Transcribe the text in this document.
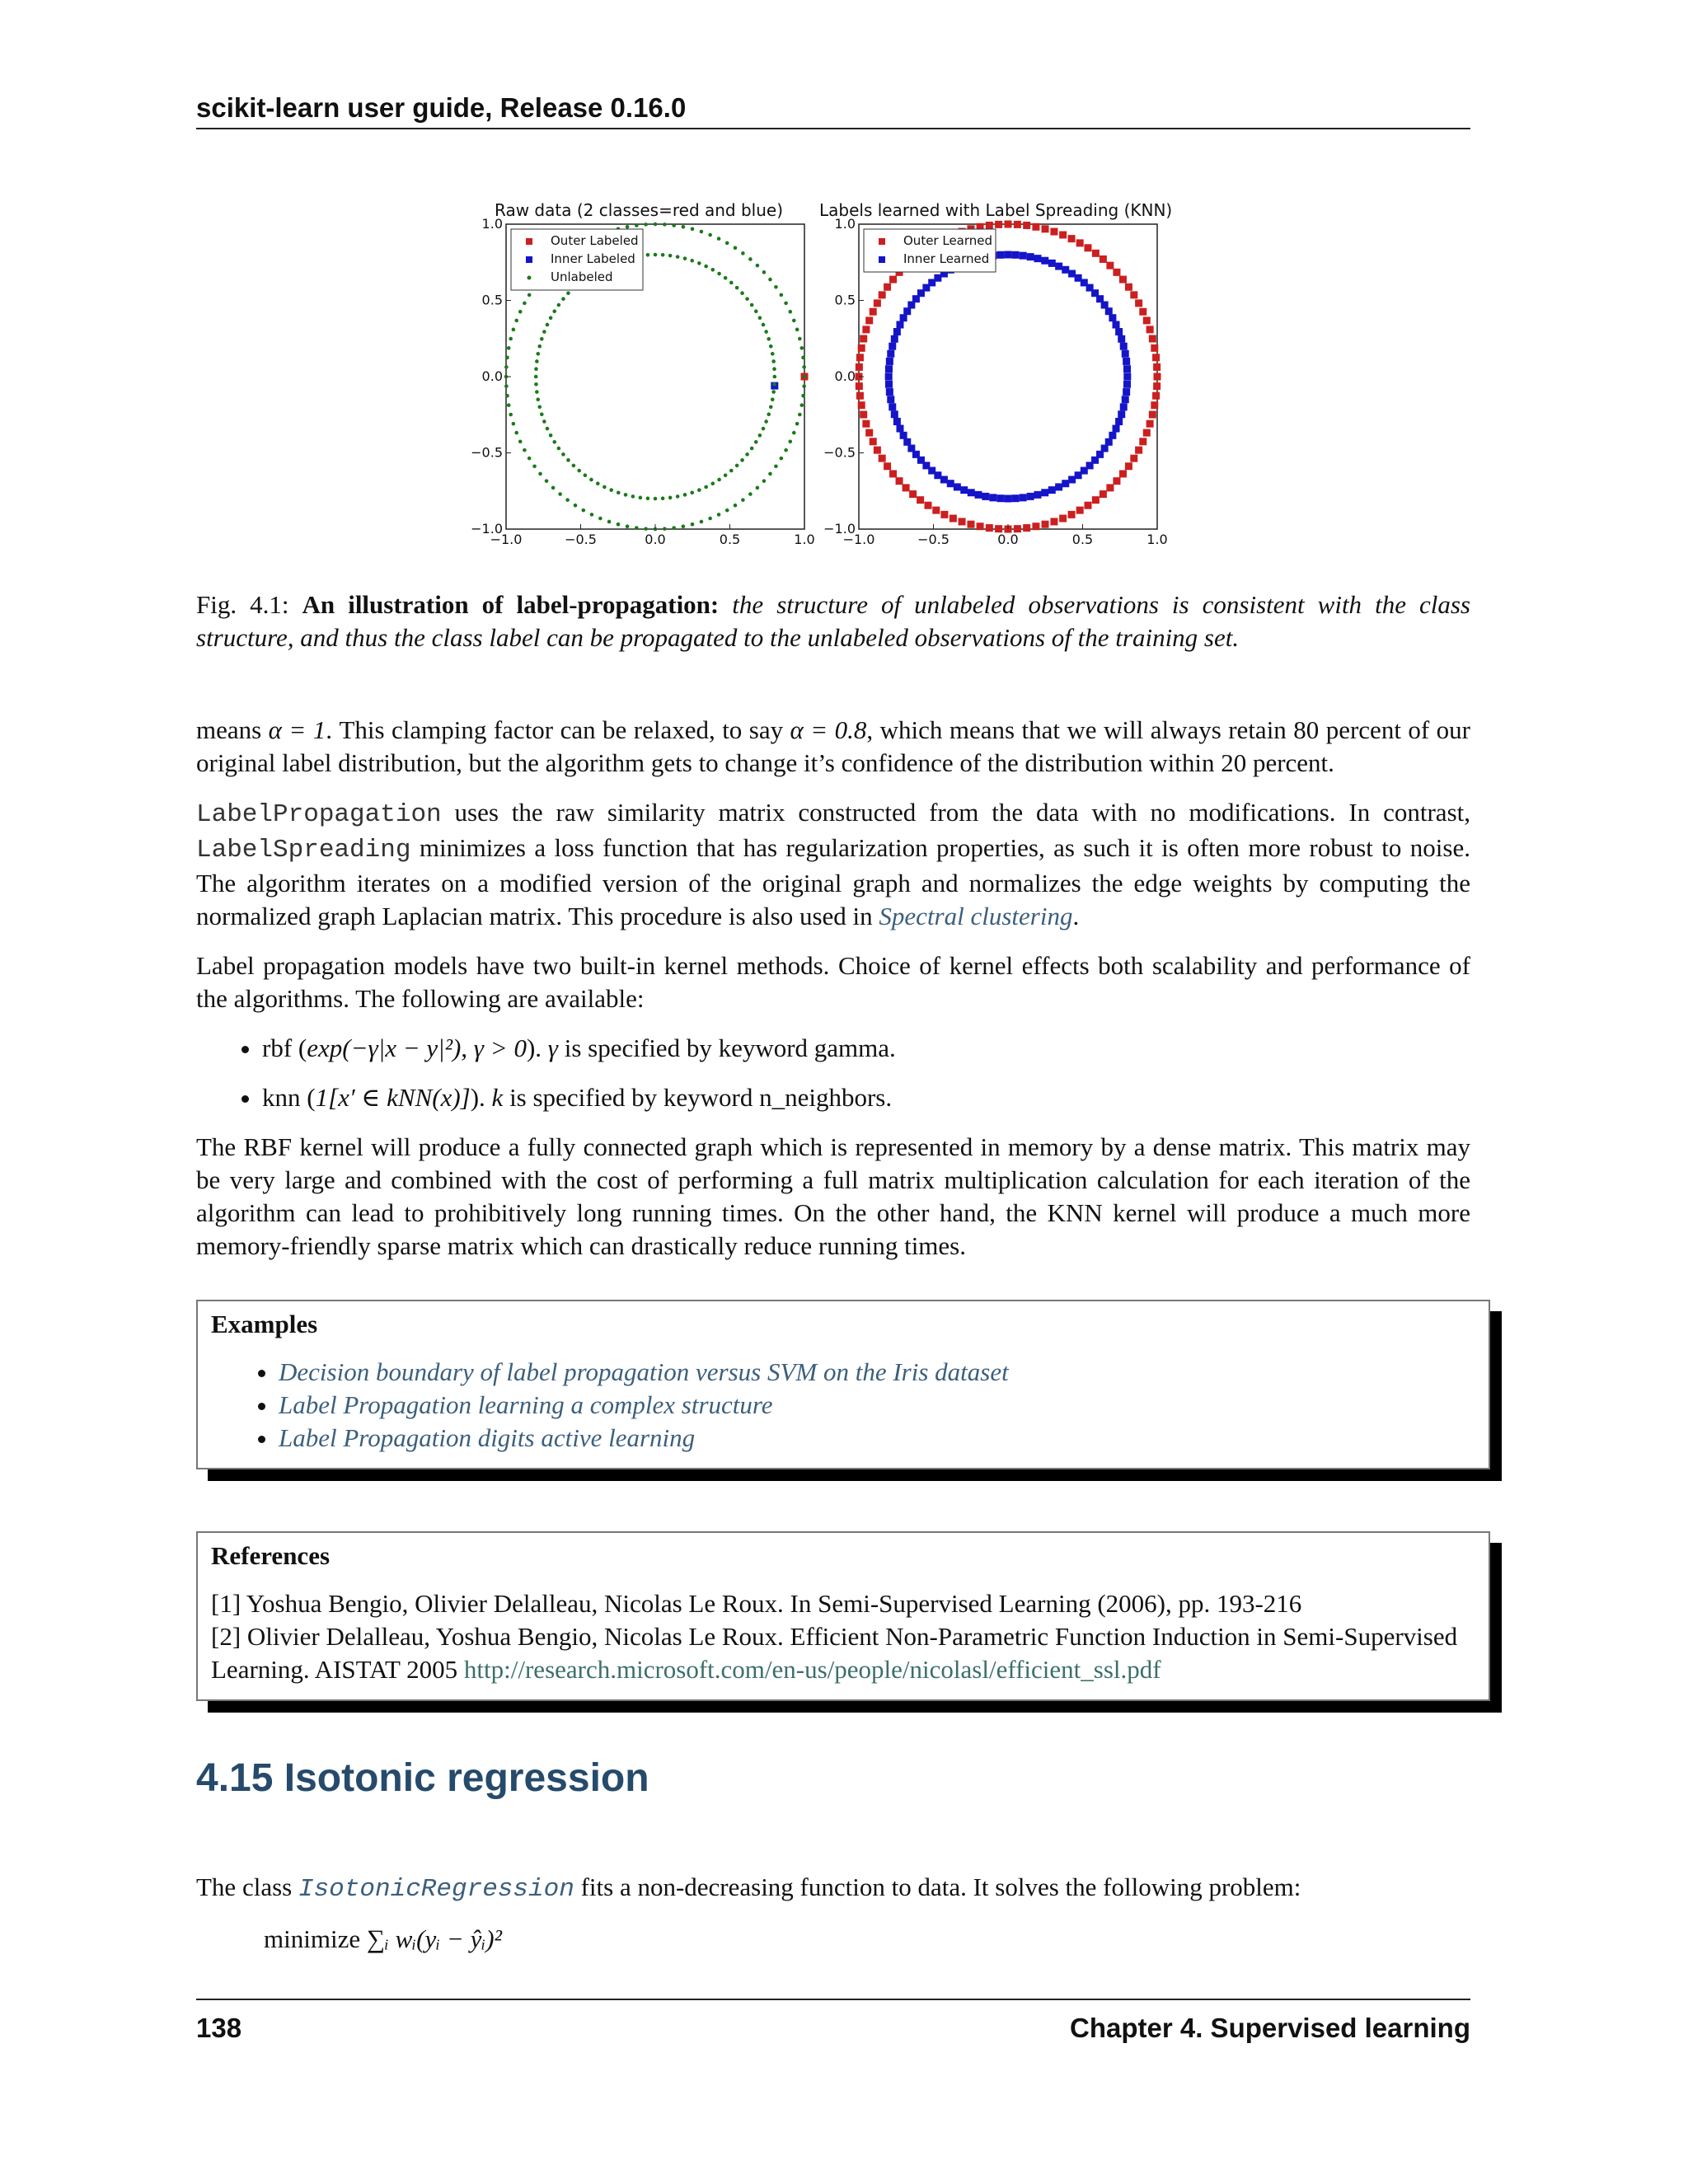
scikit-learn user guide, Release 0.16.0
Raw data (2 classes=red and blue) Labels learned with Label Spreading (KNN)
−1.0	−0.5	0.0	0.5	1.0
−1.0
−0.5
0.0
0.5
1.0
Outer Labeled
Inner Labeled
Unlabeled
−1.0	−0.5	0.0	0.5	1.0
−1.0
−0.5
0.0
0.5
1.0
Outer Learned
Inner Learned
Fig. 4.1: An illustration of label-propagation: the structure of unlabeled observations is consistent with the class structure, and thus the class label can be propagated to the unlabeled observations of the training set.

means α = 1. This clamping factor can be relaxed, to say α = 0.8, which means that we will always retain 80 percent of our original label distribution, but the algorithm gets to change it’s confidence of the distribution within 20 percent.

LabelPropagation uses the raw similarity matrix constructed from the data with no modifications. In contrast, LabelSpreading minimizes a loss function that has regularization properties, as such it is often more robust to noise. The algorithm iterates on a modified version of the original graph and normalizes the edge weights by computing the normalized graph Laplacian matrix. This procedure is also used in Spectral clustering.

Label propagation models have two built-in kernel methods. Choice of kernel effects both scalability and performance of the algorithms. The following are available:

• rbf (exp(−γ|x − y|²), γ > 0). γ is specified by keyword gamma.
• knn (1[x′ ∈ kNN(x)]). k is specified by keyword n_neighbors.

The RBF kernel will produce a fully connected graph which is represented in memory by a dense matrix. This matrix may be very large and combined with the cost of performing a full matrix multiplication calculation for each iteration of the algorithm can lead to prohibitively long running times. On the other hand, the KNN kernel will produce a much more memory-friendly sparse matrix which can drastically reduce running times.

Examples
• Decision boundary of label propagation versus SVM on the Iris dataset
• Label Propagation learning a complex structure
• Label Propagation digits active learning
References

[1] Yoshua Bengio, Olivier Delalleau, Nicolas Le Roux. In Semi-Supervised Learning (2006), pp. 193-216

[2] Olivier Delalleau, Yoshua Bengio, Nicolas Le Roux. Efficient Non-Parametric Function Induction in Semi-Supervised Learning. AISTAT 2005 http://research.microsoft.com/en-us/people/nicolasl/efficient_ssl.pdf

4.15 Isotonic regression

The class IsotonicRegression fits a non-decreasing function to data. It solves the following problem:

minimize ∑ᵢ wᵢ(yᵢ − ŷᵢ)²

138	Chapter 4. Supervised learning
